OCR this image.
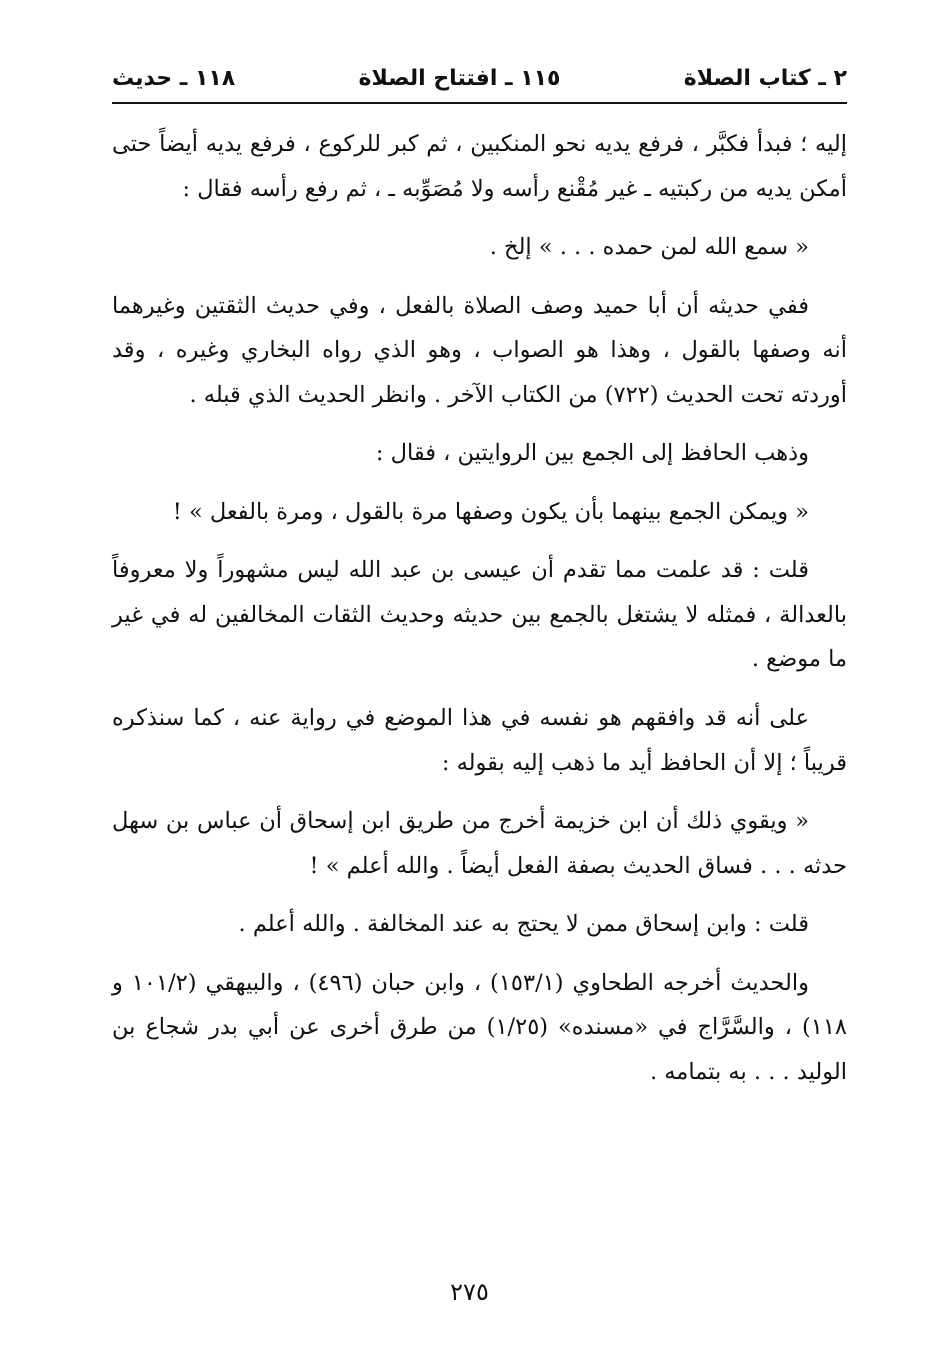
٢ ـ كتاب الصلاة
١١٥ ـ افتتاح الصلاة
١١٨ ـ حديث

إليه ؛ فبدأ فكبَّر ، فرفع يديه نحو المنكبين ، ثم كبر للركوع ، فرفع يديه أيضاً حتى أمكن يديه من ركبتيه ـ غير مُقْنع رأسه ولا مُصَوِّبه ـ ، ثم رفع رأسه فقال :

« سمع الله لمن حمده . . . » إلخ .

ففي حديثه أن أبا حميد وصف الصلاة بالفعل ، وفي حديث الثقتين وغيرهما أنه وصفها بالقول ، وهذا هو الصواب ، وهو الذي رواه البخاري وغيره ، وقد أوردته تحت الحديث (٧٢٢) من الكتاب الآخر . وانظر الحديث الذي قبله .

وذهب الحافظ إلى الجمع بين الروايتين ، فقال :

« ويمكن الجمع بينهما بأن يكون وصفها مرة بالقول ، ومرة بالفعل » !

قلت : قد علمت مما تقدم أن عيسى بن عبد الله ليس مشهوراً ولا معروفاً بالعدالة ، فمثله لا يشتغل بالجمع بين حديثه وحديث الثقات المخالفين له في غير ما موضع .

على أنه قد وافقهم هو نفسه في هذا الموضع في رواية عنه ، كما سنذكره قريباً ؛ إلا أن الحافظ أيد ما ذهب إليه بقوله :

« ويقوي ذلك أن ابن خزيمة أخرج من طريق ابن إسحاق أن عباس بن سهل حدثه . . . فساق الحديث بصفة الفعل أيضاً . والله أعلم » !

قلت : وابن إسحاق ممن لا يحتج به عند المخالفة . والله أعلم .

والحديث أخرجه الطحاوي (١٥٣/١) ، وابن حبان (٤٩٦) ، والبيهقي (١٠١/٢ و ١١٨) ، والسَّرَّاج في «مسنده» (١/٢٥) من طرق أخرى عن أبي بدر شجاع بن الوليد . . . به بتمامه .

٢٧٥
